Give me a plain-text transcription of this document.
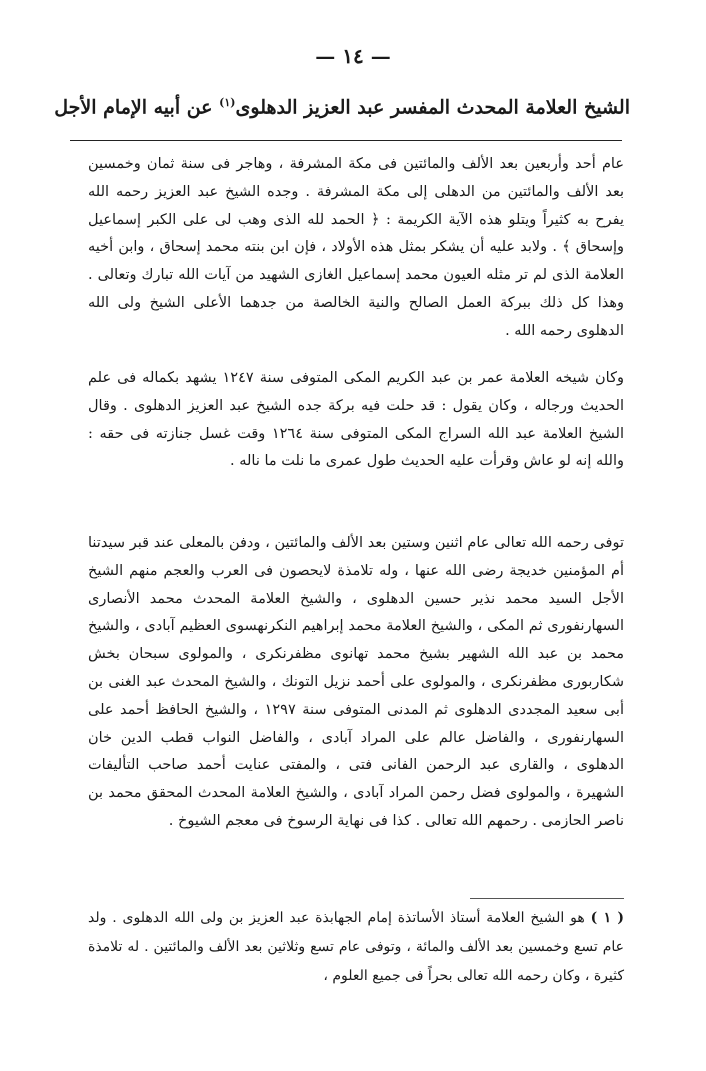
— ١٤ —
الشيخ العلامة المحدث المفسر عبد العزيز الدهلوى$^{(١)}$ عن أبيه الإمام الأجل
عام أحد وأربعين بعد الألف والمائتين فى مكة المشرفة ، وهاجر فى سنة ثمان وخمسين بعد الألف والمائتين من الدهلى إلى مكة المشرفة . وجده الشيخ عبد العزيز رحمه الله يفرح به كثيراً ويتلو هذه الآية الكريمة : ﴿ الحمد لله الذى وهب لى على الكبر إسماعيل وإسحاق ﴾ . ولابد عليه أن يشكر بمثل هذه الأولاد ، فإن ابن بنته محمد إسحاق ، وابن أخيه العلامة الذى لم تر مثله العيون محمد إسماعيل الغازى الشهيد من آيات الله تبارك وتعالى . وهذا كل ذلك ببركة العمل الصالح والنية الخالصة من جدهما الأعلى الشيخ ولى الله الدهلوى رحمه الله .
وكان شيخه العلامة عمر بن عبد الكريم المكى المتوفى سنة ١٢٤٧ يشهد بكماله فى علم الحديث ورجاله ، وكان يقول : قد حلت فيه بركة جده الشيخ عبد العزيز الدهلوى . وقال الشيخ العلامة عبد الله السراج المكى المتوفى سنة ١٢٦٤ وقت غسل جنازته فى حقه : والله إنه لو عاش وقرأت عليه الحديث طول عمرى ما نلت ما ناله .
توفى رحمه الله تعالى عام اثنين وستين بعد الألف والمائتين ، ودفن بالمعلى عند قبر سيدتنا أم المؤمنين خديجة رضى الله عنها ، وله تلامذة لايحصون فى العرب والعجم منهم الشيخ الأجل السيد محمد نذير حسين الدهلوى ، والشيخ العلامة المحدث محمد الأنصارى السهارنفورى ثم المكى ، والشيخ العلامة محمد إبراهيم النكرنهسوى العظيم آبادى ، والشيخ محمد بن عبد الله الشهير بشيخ محمد تهانوى مظفرنكرى ، والمولوى سبحان بخش شكاربورى مظفرنكرى ، والمولوى على أحمد نزيل التونك ، والشيخ المحدث عبد الغنى بن أبى سعيد المجددى الدهلوى ثم المدنى المتوفى سنة ١٢٩٧ ، والشيخ الحافظ أحمد على السهارنفورى ، والفاضل عالم على المراد آبادى ، والفاضل النواب قطب الدين خان الدهلوى ، والقارى عبد الرحمن الفانى فتى ، والمفتى عنايت أحمد صاحب التأليفات الشهيرة ، والمولوى فضل رحمن المراد آبادى ، والشيخ العلامة المحدث المحقق محمد بن ناصر الحازمى . رحمهم الله تعالى . كذا فى نهاية الرسوخ فى معجم الشيوخ .
( ١ ) هو الشيخ العلامة أستاذ الأساتذة إمام الجهابذة عبد العزيز بن ولى الله الدهلوى . ولد عام تسع وخمسين بعد الألف والمائة ، وتوفى عام تسع وثلاثين بعد الألف والمائتين . له تلامذة كثيرة ، وكان رحمه الله تعالى بحراً فى جميع العلوم ،
